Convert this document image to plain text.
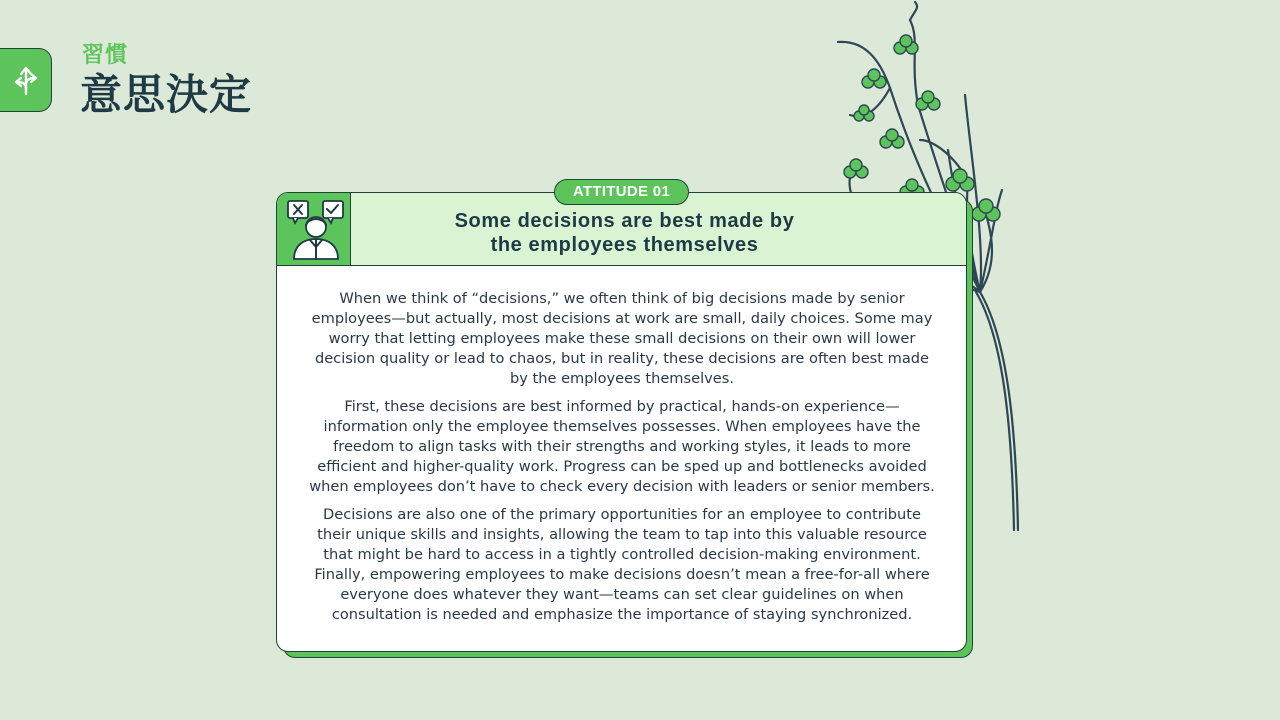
習慣
意思決定
Some decisions are best made by
the employees themselves

When we think of “decisions,” we often think of big decisions made by senior employees—but actually, most decisions at work are small, daily choices. Some may worry that letting employees make these small decisions on their own will lower decision quality or lead to chaos, but in reality, these decisions are often best made by the employees themselves.

First, these decisions are best informed by practical, hands-on experience—information only the employee themselves possesses. When employees have the freedom to align tasks with their strengths and working styles, it leads to more efficient and higher-quality work. Progress can be sped up and bottlenecks avoided when employees don’t have to check every decision with leaders or senior members.

Decisions are also one of the primary opportunities for an employee to contribute their unique skills and insights, allowing the team to tap into this valuable resource that might be hard to access in a tightly controlled decision-making environment. Finally, empowering employees to make decisions doesn’t mean a free-for-all where everyone does whatever they want—teams can set clear guidelines on when consultation is needed and emphasize the importance of staying synchronized.

ATTITUDE 01
